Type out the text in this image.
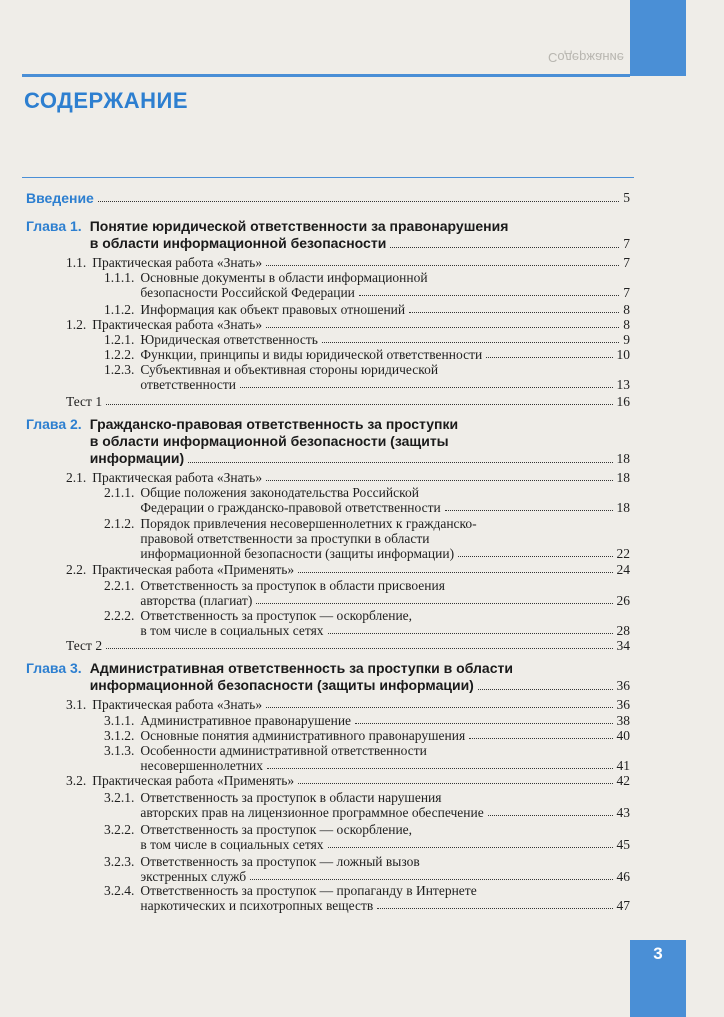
Содержание
СОДЕРЖАНИЕ
Введение	5
Глава 1. Понятие юридической ответственности за правонарушения
в области информационной безопасности	7
1.1. Практическая работа «Знать»	7
1.1.1. Основные документы в области информационной
безопасности Российской Федерации	7
1.1.2. Информация как объект правовых отношений	8
1.2. Практическая работа «Знать»	8
1.2.1. Юридическая ответственность	9
1.2.2. Функции, принципы и виды юридической ответственности	10
1.2.3. Субъективная и объективная стороны юридической
ответственности	13
Тест 1	16
Глава 2. Гражданско-правовая ответственность за проступки
в области информационной безопасности (защиты
информации)	18
2.1. Практическая работа «Знать»	18
2.1.1. Общие положения законодательства Российской
Федерации о гражданско-правовой ответственности	18
2.1.2. Порядок привлечения несовершеннолетних к гражданско-
правовой ответственности за проступки в области
информационной безопасности (защиты информации)	22
2.2. Практическая работа «Применять»	24
2.2.1. Ответственность за проступок в области присвоения
авторства (плагиат)	26
2.2.2. Ответственность за проступок — оскорбление,
в том числе в социальных сетях	28
Тест 2	34
Глава 3. Административная ответственность за проступки в области
информационной безопасности (защиты информации)	36
3.1. Практическая работа «Знать»	36
3.1.1. Административное правонарушение	38
3.1.2. Основные понятия административного правонарушения	40
3.1.3. Особенности административной ответственности
несовершеннолетних	41
3.2. Практическая работа «Применять»	42
3.2.1. Ответственность за проступок в области нарушения
авторских прав на лицензионное программное обеспечение	43
3.2.2. Ответственность за проступок — оскорбление,
в том числе в социальных сетях	45
3.2.3. Ответственность за проступок — ложный вызов
экстренных служб	46
3.2.4. Ответственность за проступок — пропаганду в Интернете
наркотических и психотропных веществ	47
3
